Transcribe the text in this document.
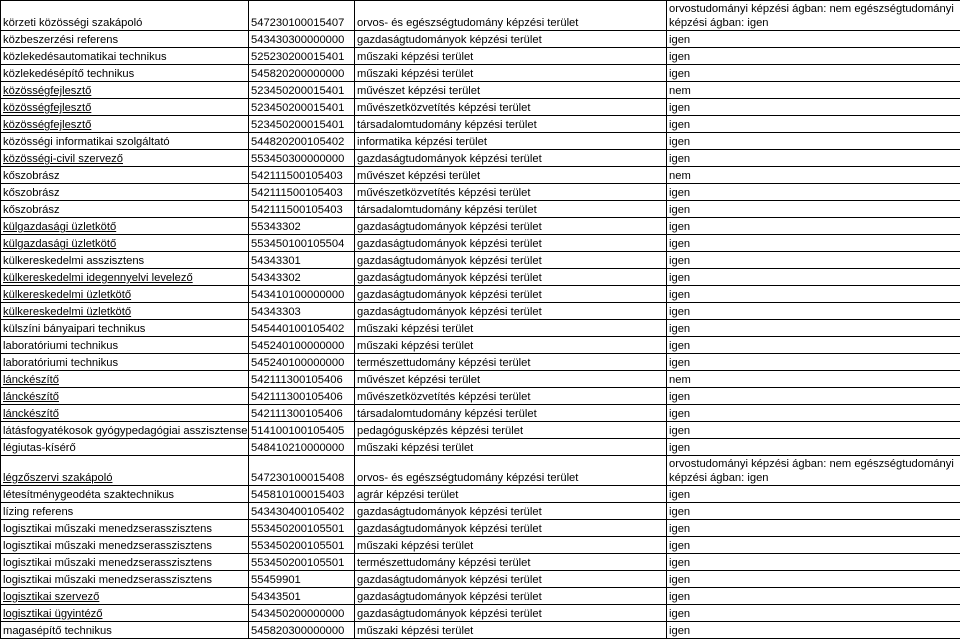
körzeti közösségi szakápoló	547230100015407	orvos- és egészségtudomány képzési terület	orvostudományi képzési ágban: nem egészségtudományi képzési ágban: igen
közbeszerzési referens	543430300000000	gazdaságtudományok képzési terület	igen
közlekedésautomatikai technikus	525230200015401	műszaki képzési terület	igen
közlekedésépítő technikus	545820200000000	műszaki képzési terület	igen
közösségfejlesztő	523450200015401	művészet képzési terület	nem
közösségfejlesztő	523450200015401	művészetközvetítés képzési terület	igen
közösségfejlesztő	523450200015401	társadalomtudomány képzési terület	igen
közösségi informatikai szolgáltató	544820200105402	informatika képzési terület	igen
közösségi-civil szervező	553450300000000	gazdaságtudományok képzési terület	igen
kőszobrász	542111500105403	művészet képzési terület	nem
kőszobrász	542111500105403	művészetközvetítés képzési terület	igen
kőszobrász	542111500105403	társadalomtudomány képzési terület	igen
külgazdasági üzletkötő	55343302	gazdaságtudományok képzési terület	igen
külgazdasági üzletkötő	553450100105504	gazdaságtudományok képzési terület	igen
külkereskedelmi asszisztens	54343301	gazdaságtudományok képzési terület	igen
külkereskedelmi idegennyelvi levelező	54343302	gazdaságtudományok képzési terület	igen
külkereskedelmi üzletkötő	543410100000000	gazdaságtudományok képzési terület	igen
külkereskedelmi üzletkötő	54343303	gazdaságtudományok képzési terület	igen
külszíni bányaipari technikus	545440100105402	műszaki képzési terület	igen
laboratóriumi technikus	545240100000000	műszaki képzési terület	igen
laboratóriumi technikus	545240100000000	természettudomány képzési terület	igen
lánckészítő	542111300105406	művészet képzési terület	nem
lánckészítő	542111300105406	művészetközvetítés képzési terület	igen
lánckészítő	542111300105406	társadalomtudomány képzési terület	igen
látásfogyatékosok gyógypedagógiai asszisztense	514100100105405	pedagógusképzés képzési terület	igen
légiutas-kísérő	548410210000000	műszaki képzési terület	igen
légzőszervi szakápoló	547230100015408	orvos- és egészségtudomány képzési terület	orvostudományi képzési ágban: nem egészségtudományi képzési ágban: igen
létesítménygeodéta szaktechnikus	545810100015403	agrár képzési terület	igen
lízing referens	543430400105402	gazdaságtudományok képzési terület	igen
logisztikai műszaki menedzserasszisztens	553450200105501	gazdaságtudományok képzési terület	igen
logisztikai műszaki menedzserasszisztens	553450200105501	műszaki képzési terület	igen
logisztikai műszaki menedzserasszisztens	553450200105501	természettudomány képzési terület	igen
logisztikai műszaki menedzserasszisztens	55459901	gazdaságtudományok képzési terület	igen
logisztikai szervező	54343501	gazdaságtudományok képzési terület	igen
logisztikai ügyintéző	543450200000000	gazdaságtudományok képzési terület	igen
magasépítő technikus	545820300000000	műszaki képzési terület	igen
